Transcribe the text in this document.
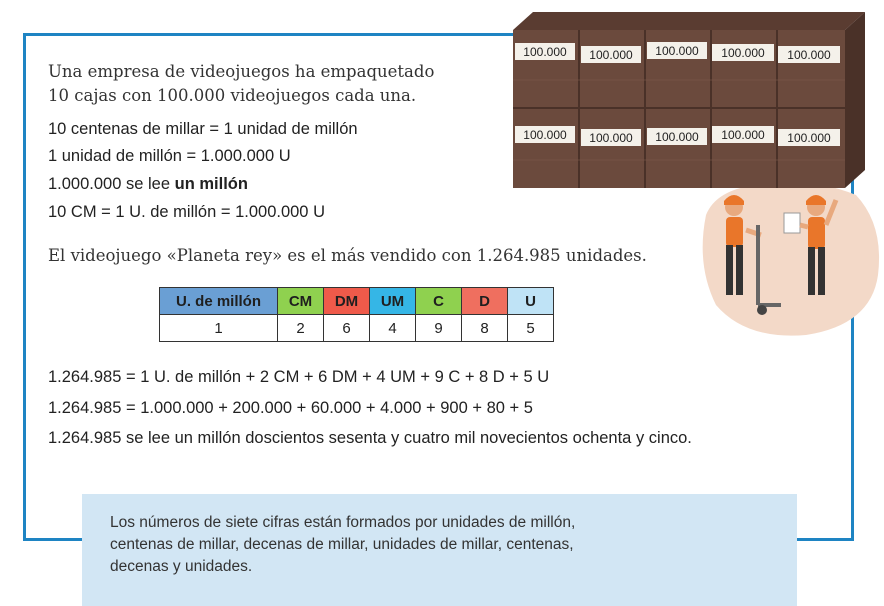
100.000 100.000 100.000 100.000 100.000
100.000 100.000 100.000 100.000 100.000
Una empresa de videojuegos ha empaquetado
10 cajas con 100.000 videojuegos cada una.
10 centenas de millar = 1 unidad de millón
1 unidad de millón = 1.000.000 U
1.000.000 se lee un millón
10 CM = 1 U. de millón = 1.000.000 U
El videojuego «Planeta rey» es el más vendido con 1.264.985 unidades.
U. de millón	CM	DM	UM	C	D	U
1	2	6	4	9	8	5
1.264.985 = 1 U. de millón + 2 CM + 6 DM + 4 UM + 9 C + 8 D + 5 U
1.264.985 = 1.000.000 + 200.000 + 60.000 + 4.000 + 900 + 80 + 5
1.264.985 se lee un millón doscientos sesenta y cuatro mil novecientos ochenta y cinco.
Los números de siete cifras están formados por unidades de millón,
centenas de millar, decenas de millar, unidades de millar, centenas,
decenas y unidades.
